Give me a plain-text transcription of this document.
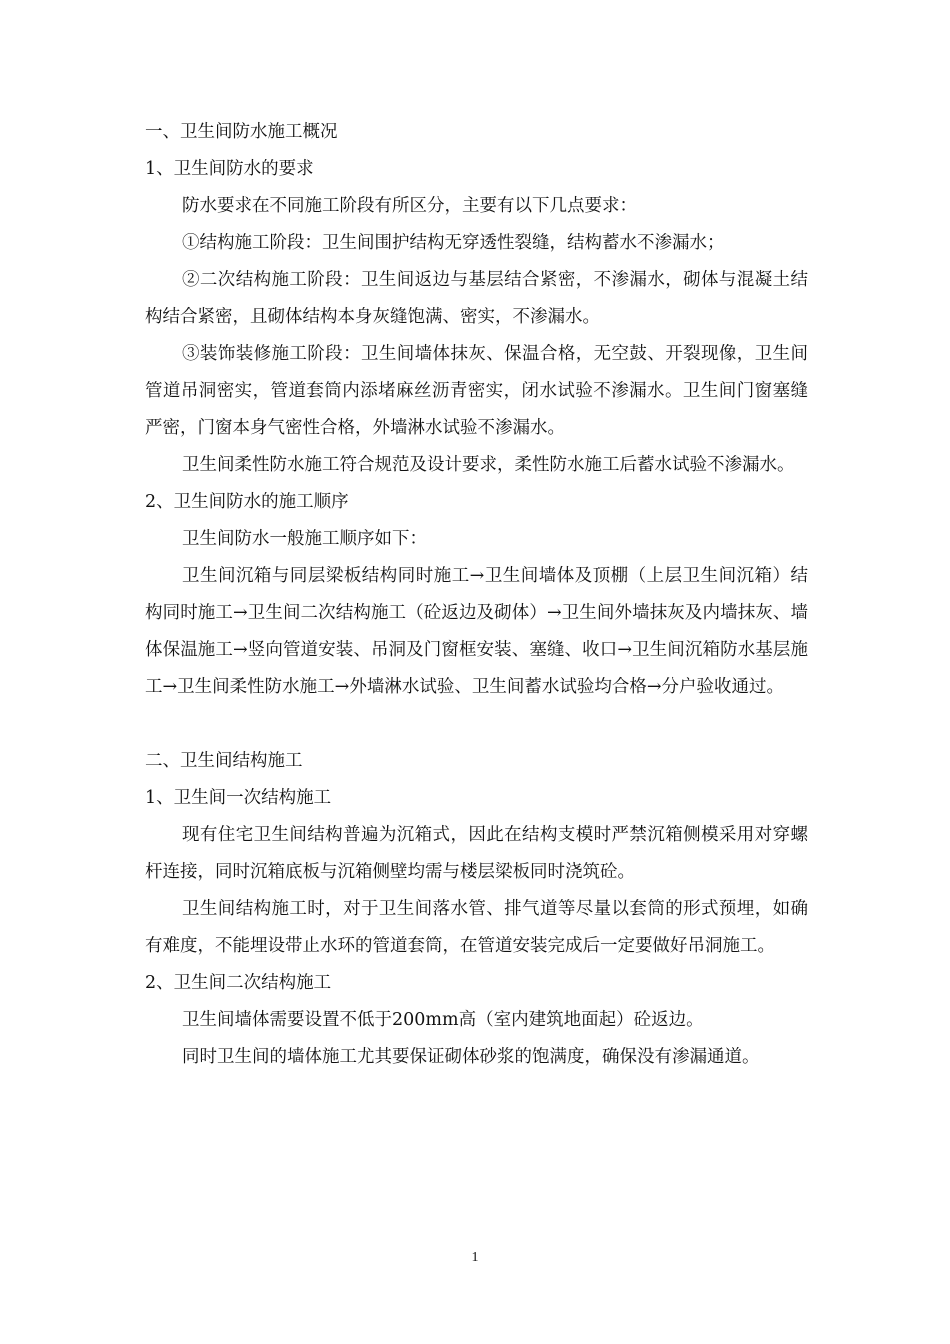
一、卫生间防水施工概况

1、卫生间防水的要求

防水要求在不同施工阶段有所区分，主要有以下几点要求：

①结构施工阶段：卫生间围护结构无穿透性裂缝，结构蓄水不渗漏水；

②二次结构施工阶段：卫生间返边与基层结合紧密，不渗漏水，砌体与混凝土结构结合紧密，且砌体结构本身灰缝饱满、密实，不渗漏水。

③装饰装修施工阶段：卫生间墙体抹灰、保温合格，无空鼓、开裂现像，卫生间管道吊洞密实，管道套筒内添堵麻丝沥青密实，闭水试验不渗漏水。卫生间门窗塞缝严密，门窗本身气密性合格，外墙淋水试验不渗漏水。

卫生间柔性防水施工符合规范及设计要求，柔性防水施工后蓄水试验不渗漏水。

2、卫生间防水的施工顺序

卫生间防水一般施工顺序如下：

卫生间沉箱与同层梁板结构同时施工→卫生间墙体及顶棚（上层卫生间沉箱）结构同时施工→卫生间二次结构施工（砼返边及砌体）→卫生间外墙抹灰及内墙抹灰、墙体保温施工→竖向管道安装、吊洞及门窗框安装、塞缝、收口→卫生间沉箱防水基层施工→卫生间柔性防水施工→外墙淋水试验、卫生间蓄水试验均合格→分户验收通过。

二、卫生间结构施工

1、卫生间一次结构施工

现有住宅卫生间结构普遍为沉箱式，因此在结构支模时严禁沉箱侧模采用对穿螺杆连接，同时沉箱底板与沉箱侧壁均需与楼层梁板同时浇筑砼。

卫生间结构施工时，对于卫生间落水管、排气道等尽量以套筒的形式预埋，如确有难度，不能埋设带止水环的管道套筒，在管道安装完成后一定要做好吊洞施工。

2、卫生间二次结构施工

卫生间墙体需要设置不低于200mm高（室内建筑地面起）砼返边。

同时卫生间的墙体施工尤其要保证砌体砂浆的饱满度，确保没有渗漏通道。

1
